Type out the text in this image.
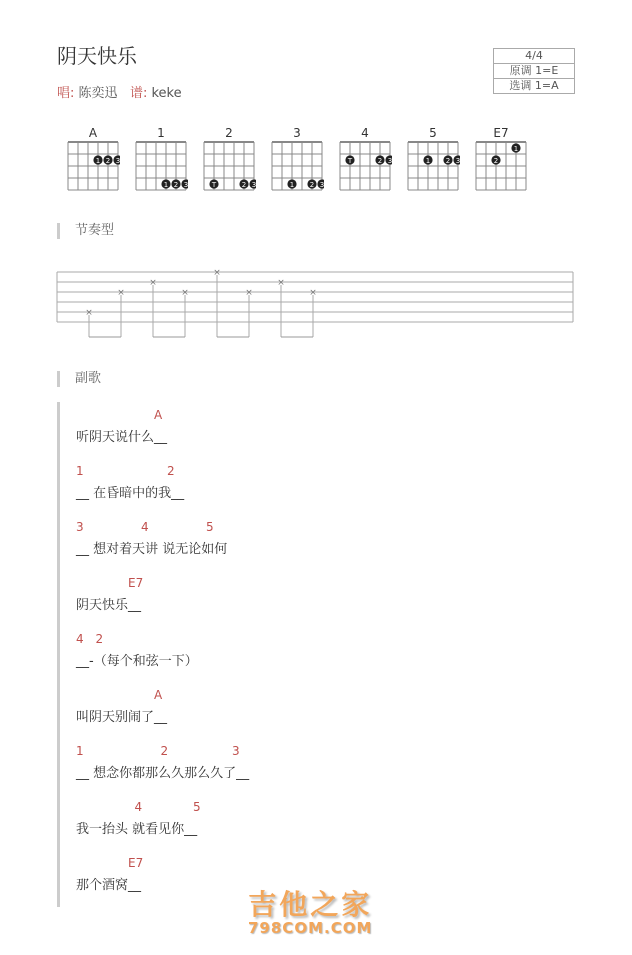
阴天快乐
唱: 陈奕迅 谱: keke
4/4
原调 1=E
选调 1=A
A
1 2 3
1
1 2 3
2
T	2 3
3
1 2 3
4
T	2 3
5
1 2 3
E7
1
2
节奏型
×
×
×
×
×
×
×
×
副歌
A
听阴天说什么__
1	2
__ 在昏暗中的我__
3	4	5
__ 想对着天讲 说无论如何
E7
阴天快乐__
4 2
__-（每个和弦一下）
A
叫阴天别闹了__
1	2	3
__ 想念你都那么久那么久了__
4	5
我一抬头 就看见你__
E7
那个酒窝__
吉他之家
798COM.COM
